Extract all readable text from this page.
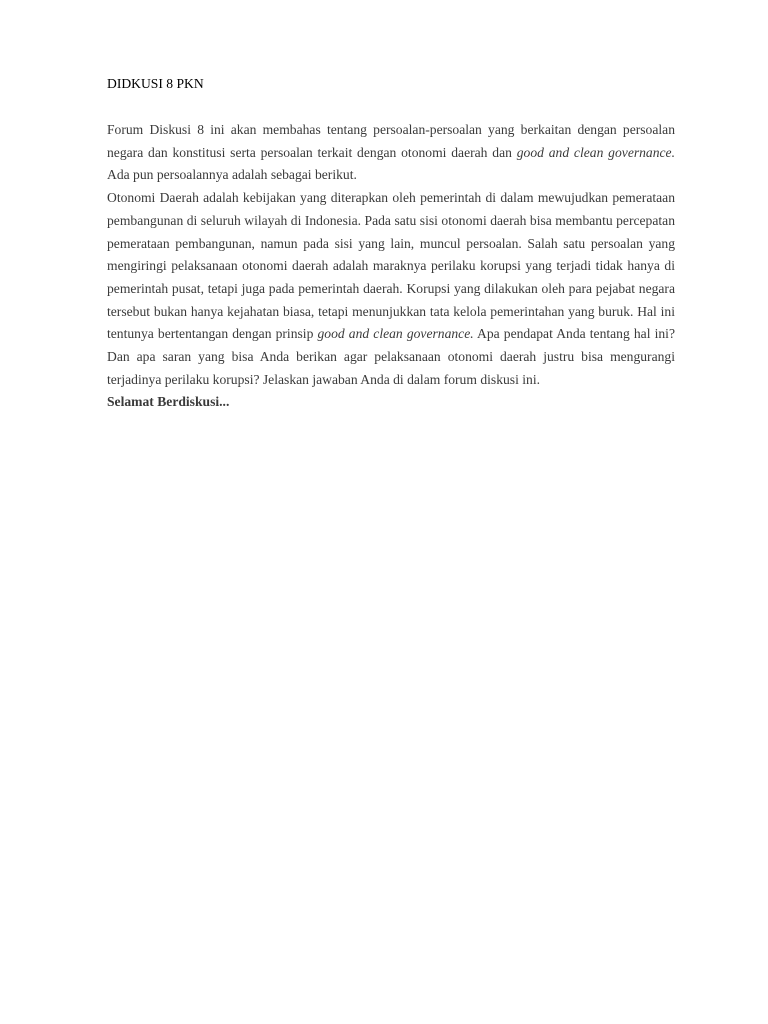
DIDKUSI 8 PKN

Forum Diskusi 8 ini akan membahas tentang persoalan-persoalan yang berkaitan dengan persoalan negara dan konstitusi serta persoalan terkait dengan otonomi daerah dan good and clean governance. Ada pun persoalannya adalah sebagai berikut.

Otonomi Daerah adalah kebijakan yang diterapkan oleh pemerintah di dalam mewujudkan pemerataan pembangunan di seluruh wilayah di Indonesia. Pada satu sisi otonomi daerah bisa membantu percepatan pemerataan pembangunan, namun pada sisi yang lain, muncul persoalan. Salah satu persoalan yang mengiringi pelaksanaan otonomi daerah adalah maraknya perilaku korupsi yang terjadi tidak hanya di pemerintah pusat, tetapi juga pada pemerintah daerah. Korupsi yang dilakukan oleh para pejabat negara tersebut bukan hanya kejahatan biasa, tetapi menunjukkan tata kelola pemerintahan yang buruk. Hal ini tentunya bertentangan dengan prinsip good and clean governance. Apa pendapat Anda tentang hal ini? Dan apa saran yang bisa Anda berikan agar pelaksanaan otonomi daerah justru bisa mengurangi terjadinya perilaku korupsi? Jelaskan jawaban Anda di dalam forum diskusi ini.

Selamat Berdiskusi...
